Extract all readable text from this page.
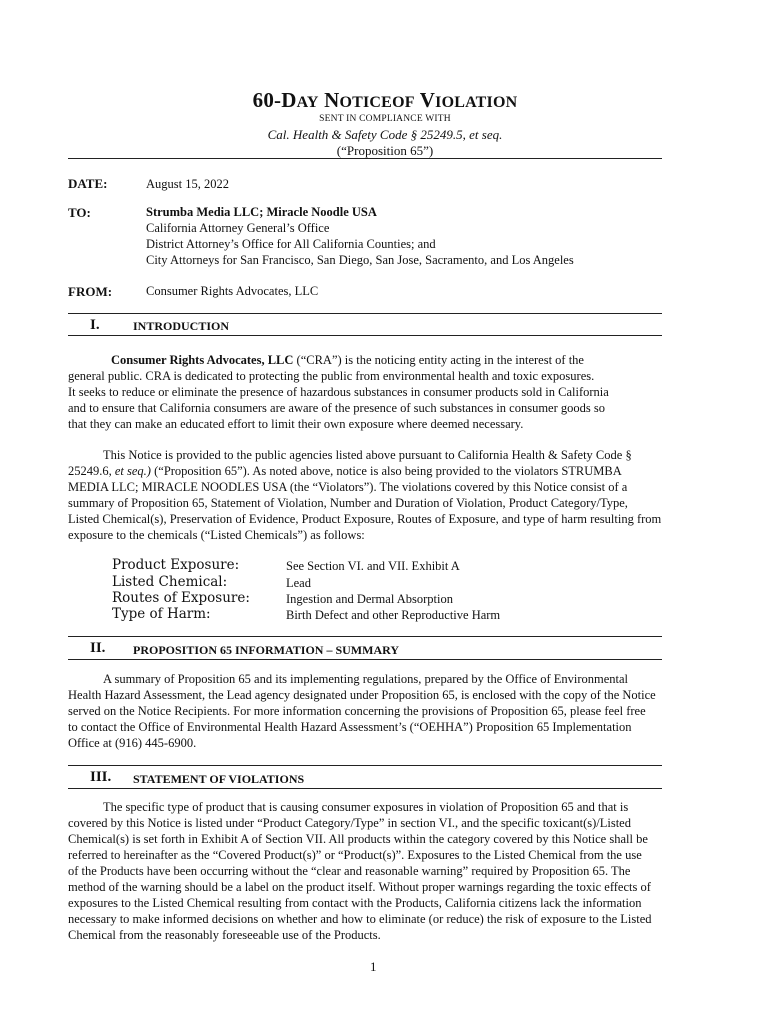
60-DAY NOTICEOF VIOLATION
SENT IN COMPLIANCE WITH
Cal. Health & Safety Code § 25249.5, et seq.
(“Proposition 65”)
DATE:	August 15, 2022
TO:	Strumba Media LLC; Miracle Noodle USA
California Attorney General’s Office
District Attorney’s Office for All California Counties; and
City Attorneys for San Francisco, San Diego, San Jose, Sacramento, and Los Angeles
FROM:	Consumer Rights Advocates, LLC
I.	INTRODUCTION
Consumer Rights Advocates, LLC (“CRA”) is the noticing entity acting in the interest of the
general public. CRA is dedicated to protecting the public from environmental health and toxic exposures.
It seeks to reduce or eliminate the presence of hazardous substances in consumer products sold in California
and to ensure that California consumers are aware of the presence of such substances in consumer goods so
that they can make an educated effort to limit their own exposure where deemed necessary.
This Notice is provided to the public agencies listed above pursuant to California Health & Safety Code §
25249.6, et seq.) (“Proposition 65”). As noted above, notice is also being provided to the violators STRUMBA
MEDIA LLC; MIRACLE NOODLES USA (the “Violators”). The violations covered by this Notice consist of a
summary of Proposition 65, Statement of Violation, Number and Duration of Violation, Product Category/Type,
Listed Chemical(s), Preservation of Evidence, Product Exposure, Routes of Exposure, and type of harm resulting from
exposure to the chemicals (“Listed Chemicals”) as follows:
Product Exposure:	See Section VI. and VII. Exhibit A
Listed Chemical:	Lead
Routes of Exposure:	Ingestion and Dermal Absorption
Type of Harm:	Birth Defect and other Reproductive Harm
II. PROPOSITION 65 INFORMATION – SUMMARY
A summary of Proposition 65 and its implementing regulations, prepared by the Office of Environmental
Health Hazard Assessment, the Lead agency designated under Proposition 65, is enclosed with the copy of the Notice
served on the Notice Recipients. For more information concerning the provisions of Proposition 65, please feel free
to contact the Office of Environmental Health Hazard Assessment’s (“OEHHA”) Proposition 65 Implementation
Office at (916) 445-6900.
III. STATEMENT OF VIOLATIONS
The specific type of product that is causing consumer exposures in violation of Proposition 65 and that is
covered by this Notice is listed under “Product Category/Type” in section VI., and the specific toxicant(s)/Listed
Chemical(s) is set forth in Exhibit A of Section VII. All products within the category covered by this Notice shall be
referred to hereinafter as the “Covered Product(s)” or “Product(s)”. Exposures to the Listed Chemical from the use
of the Products have been occurring without the “clear and reasonable warning” required by Proposition 65. The
method of the warning should be a label on the product itself. Without proper warnings regarding the toxic effects of
exposures to the Listed Chemical resulting from contact with the Products, California citizens lack the information
necessary to make informed decisions on whether and how to eliminate (or reduce) the risk of exposure to the Listed
Chemical from the reasonably foreseeable use of the Products.
1
